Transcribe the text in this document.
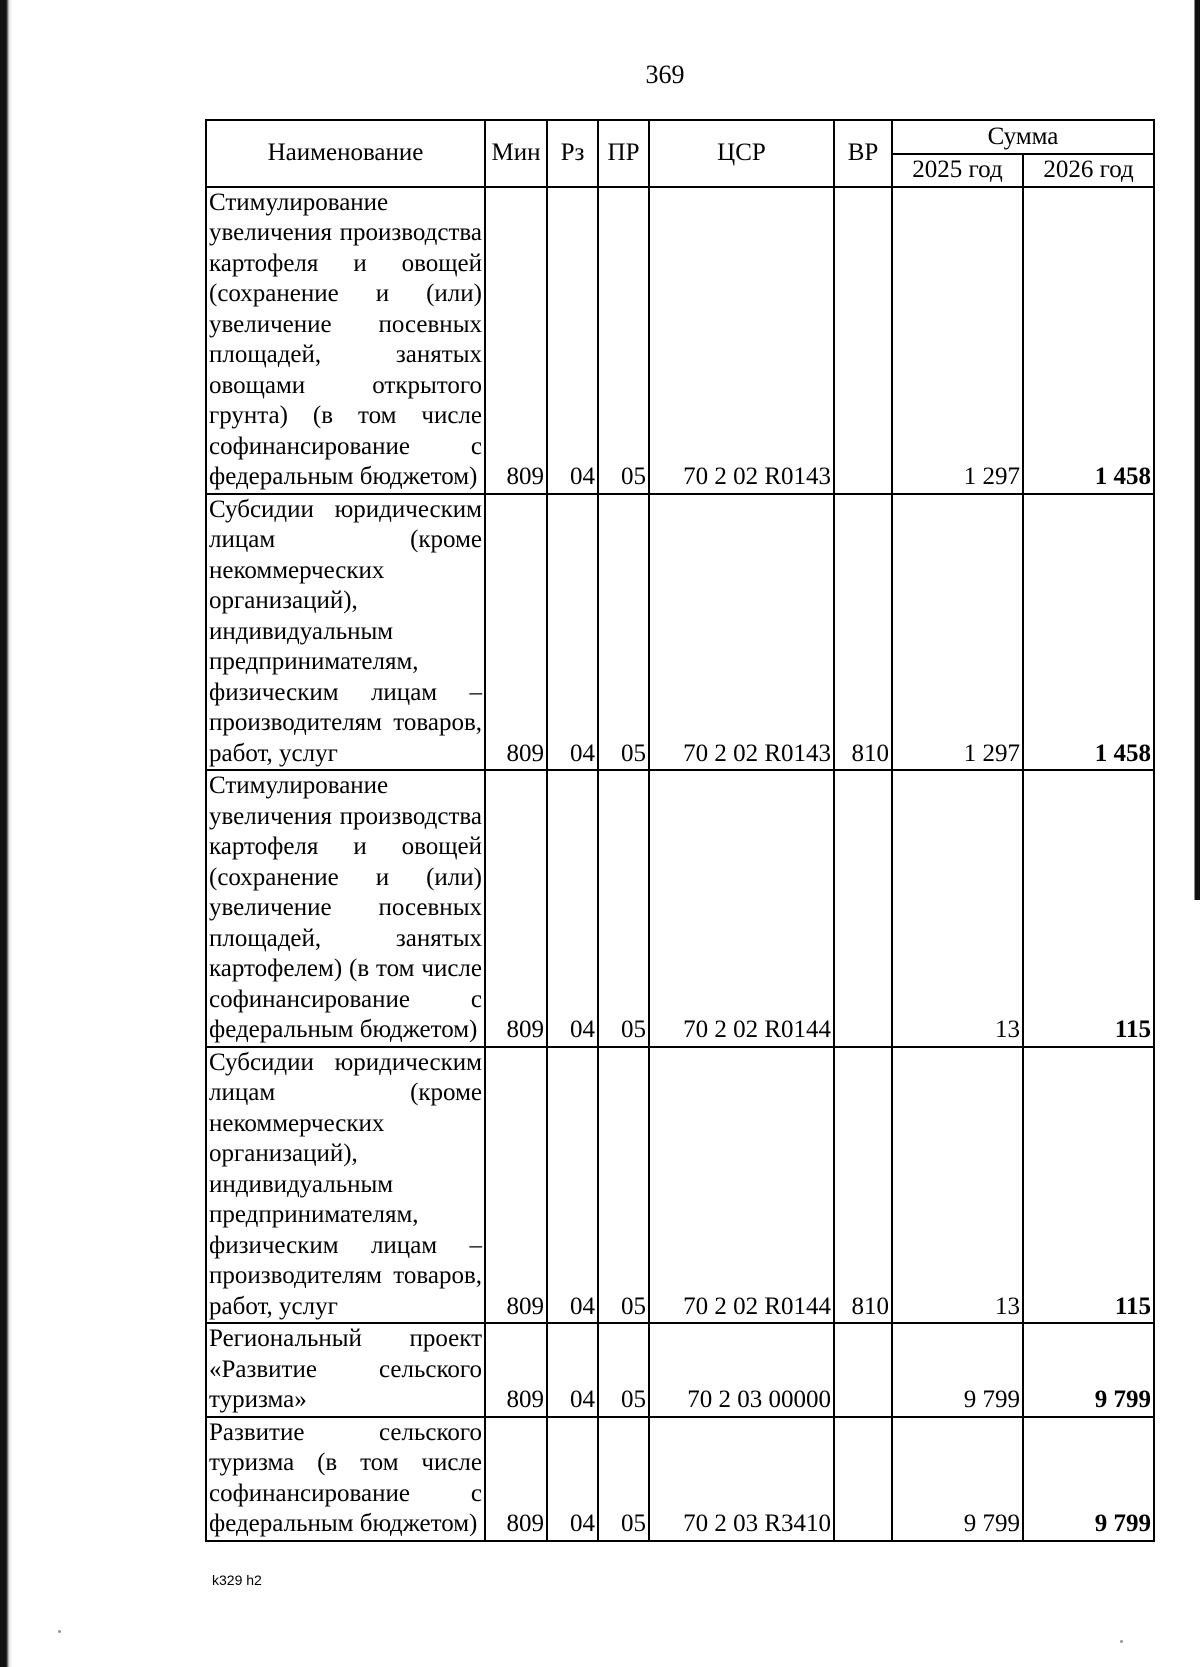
369
Наименование	Мин	Рз	ПР	ЦСР	ВР	Сумма	
						2025 год	2026 год
Стимулирование увеличения производства картофеля и овощей (сохранение и (или) увеличение посевных площадей, занятых овощами открытого грунта) (в том числе софинансирование с федеральным бюджетом)	809	04	05	70 2 02 R0143		1 297	1 458
Субсидии юридическим лицам (кроме некоммерческих организаций), индивидуальным предпринимателям, физическим лицам – производителям товаров, работ, услуг	809	04	05	70 2 02 R0143	810	1 297	1 458
Стимулирование увеличения производства картофеля и овощей (сохранение и (или) увеличение посевных площадей, занятых картофелем) (в том числе софинансирование с федеральным бюджетом)	809	04	05	70 2 02 R0144		13	115
Субсидии юридическим лицам (кроме некоммерческих организаций), индивидуальным предпринимателям, физическим лицам – производителям товаров, работ, услуг	809	04	05	70 2 02 R0144	810	13	115
Региональный проект «Развитие сельского туризма»	809	04	05	70 2 03 00000		9 799	9 799
Развитие сельского туризма (в том числе софинансирование с федеральным бюджетом)	809	04	05	70 2 03 R3410		9 799	9 799
k329 h2
